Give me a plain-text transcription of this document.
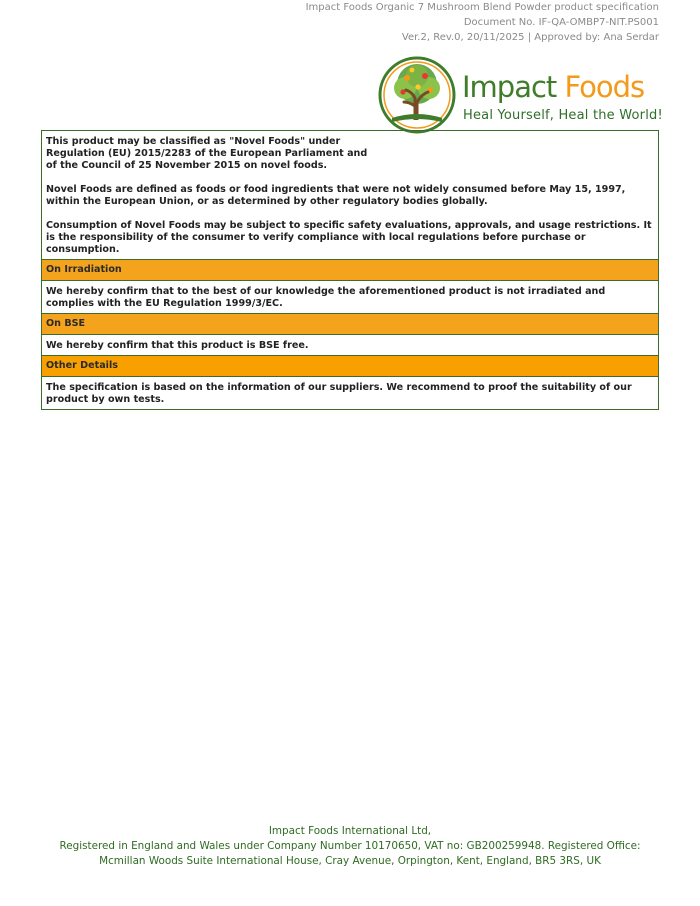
Impact Foods Organic 7 Mushroom Blend Powder product specification
Document No. IF-QA-OMBP7-NIT.PS001
Ver.2, Rev.0, 20/11/2025 | Approved by: Ana Serdar
Impact Foods
Heal Yourself, Heal the World!

This product may be classified as "Novel Foods" under Regulation (EU) 2015/2283 of the European Parliament and of the Council of 25 November 2015 on novel foods.

Novel Foods are defined as foods or food ingredients that were not widely consumed before May 15, 1997, within the European Union, or as determined by other regulatory bodies globally.

Consumption of Novel Foods may be subject to specific safety evaluations, approvals, and usage restrictions. It is the responsibility of the consumer to verify compliance with local regulations before purchase or consumption.

On Irradiation
We hereby confirm that to the best of our knowledge the aforementioned product is not irradiated and complies with the EU Regulation 1999/3/EC.
On BSE
We hereby confirm that this product is BSE free.
Other Details
The specification is based on the information of our suppliers. We recommend to proof the suitability of our product by own tests.
Impact Foods International Ltd,
Registered in England and Wales under Company Number 10170650, VAT no: GB200259948. Registered Office:
Mcmillan Woods Suite International House, Cray Avenue, Orpington, Kent, England, BR5 3RS, UK
